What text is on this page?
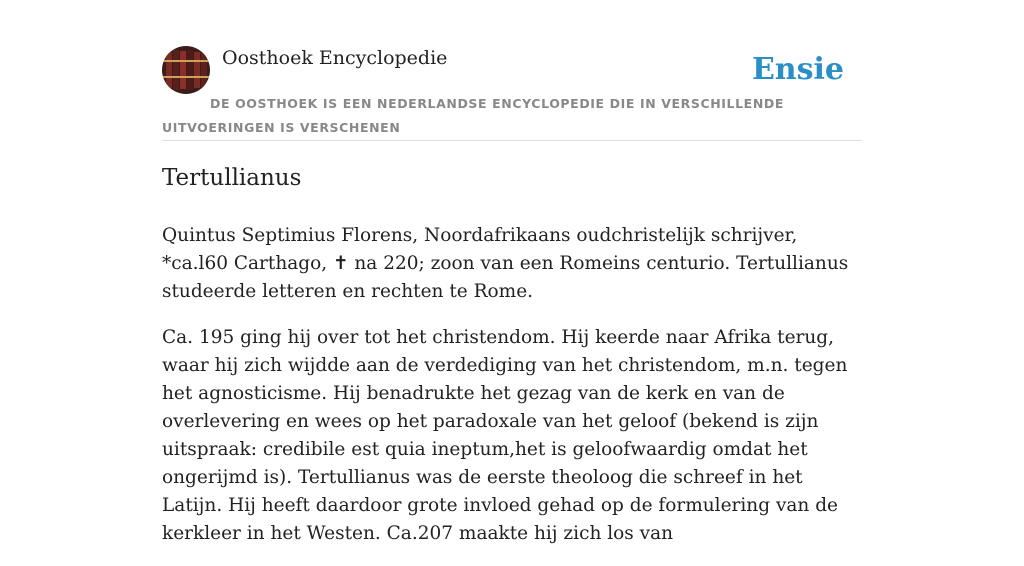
Oosthoek Encyclopedie	Ensie
DE OOSTHOEK IS EEN NEDERLANDSE ENCYCLOPEDIE DIE IN VERSCHILLENDE UITVOERINGEN IS VERSCHENEN
Tertullianus

Quintus Septimius Florens, Noordafrikaans oudchristelijk schrijver, *ca.l60 Carthago, ✝ na 220; zoon van een Romeins centurio. Tertullianus studeerde letteren en rechten te Rome.

Ca. 195 ging hij over tot het christendom. Hij keerde naar Afrika terug, waar hij zich wijdde aan de verdediging van het christendom, m.n. tegen het agnosticisme. Hij benadrukte het gezag van de kerk en van de overlevering en wees op het paradoxale van het geloof (bekend is zijn uitspraak: credibile est quia ineptum,het is geloofwaardig omdat het ongerijmd is). Tertullianus was de eerste theoloog die schreef in het Latijn. Hij heeft daardoor grote invloed gehad op de formulering van de kerkleer in het Westen. Ca.207 maakte hij zich los van
